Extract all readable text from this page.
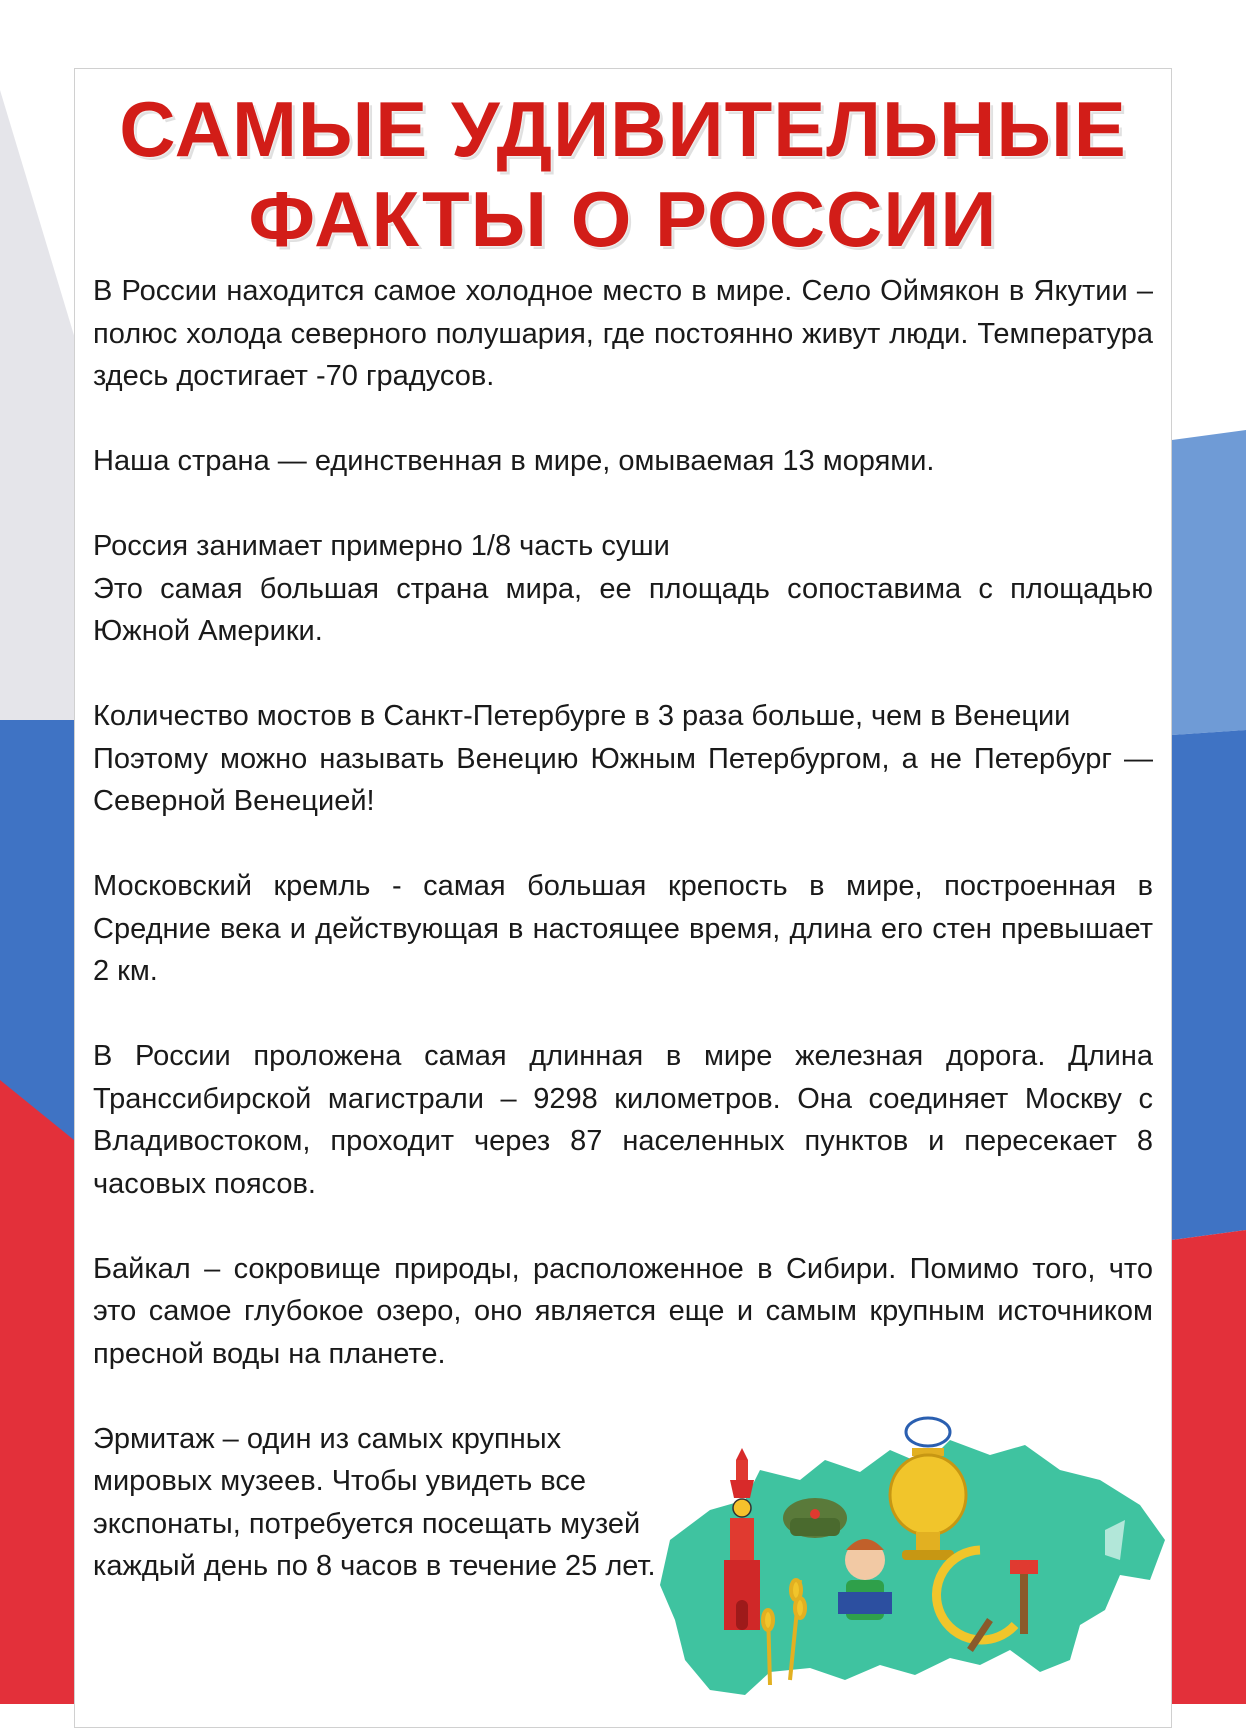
САМЫЕ УДИВИТЕЛЬНЫЕ
ФАКТЫ О РОССИИ

В России находится самое холодное место в мире. Село Оймякон в Якутии – полюс холода северного полушария, где постоянно живут люди. Температура здесь достигает -70 градусов.

Наша страна — единственная в мире, омываемая 13 морями.

Россия занимает примерно 1/8 часть суши

Это самая большая страна мира, ее площадь сопоставима с площадью Южной Америки.

Количество мостов в Санкт-Петербурге в 3 раза больше, чем в Венеции

Поэтому можно называть Венецию Южным Петербургом, а не Петербург — Северной Венецией!

Московский кремль - самая большая крепость в мире, построенная в Средние века и действующая в настоящее время, длина его стен превышает 2 км.

В России проложена самая длинная в мире железная дорога. Длина Транссибирской магистрали – 9298 километров. Она соединяет Москву с Владивостоком, проходит через 87 населенных пунктов и пересекает 8 часовых поясов.

Байкал – сокровище природы, расположенное в Сибири. Помимо того, что это самое глубокое озеро, оно является еще и самым крупным источником пресной воды на планете.

Эрмитаж – один из самых крупных мировых музеев. Чтобы увидеть все экспонаты, потребуется посещать музей каждый день по 8 часов в течение 25 лет.
